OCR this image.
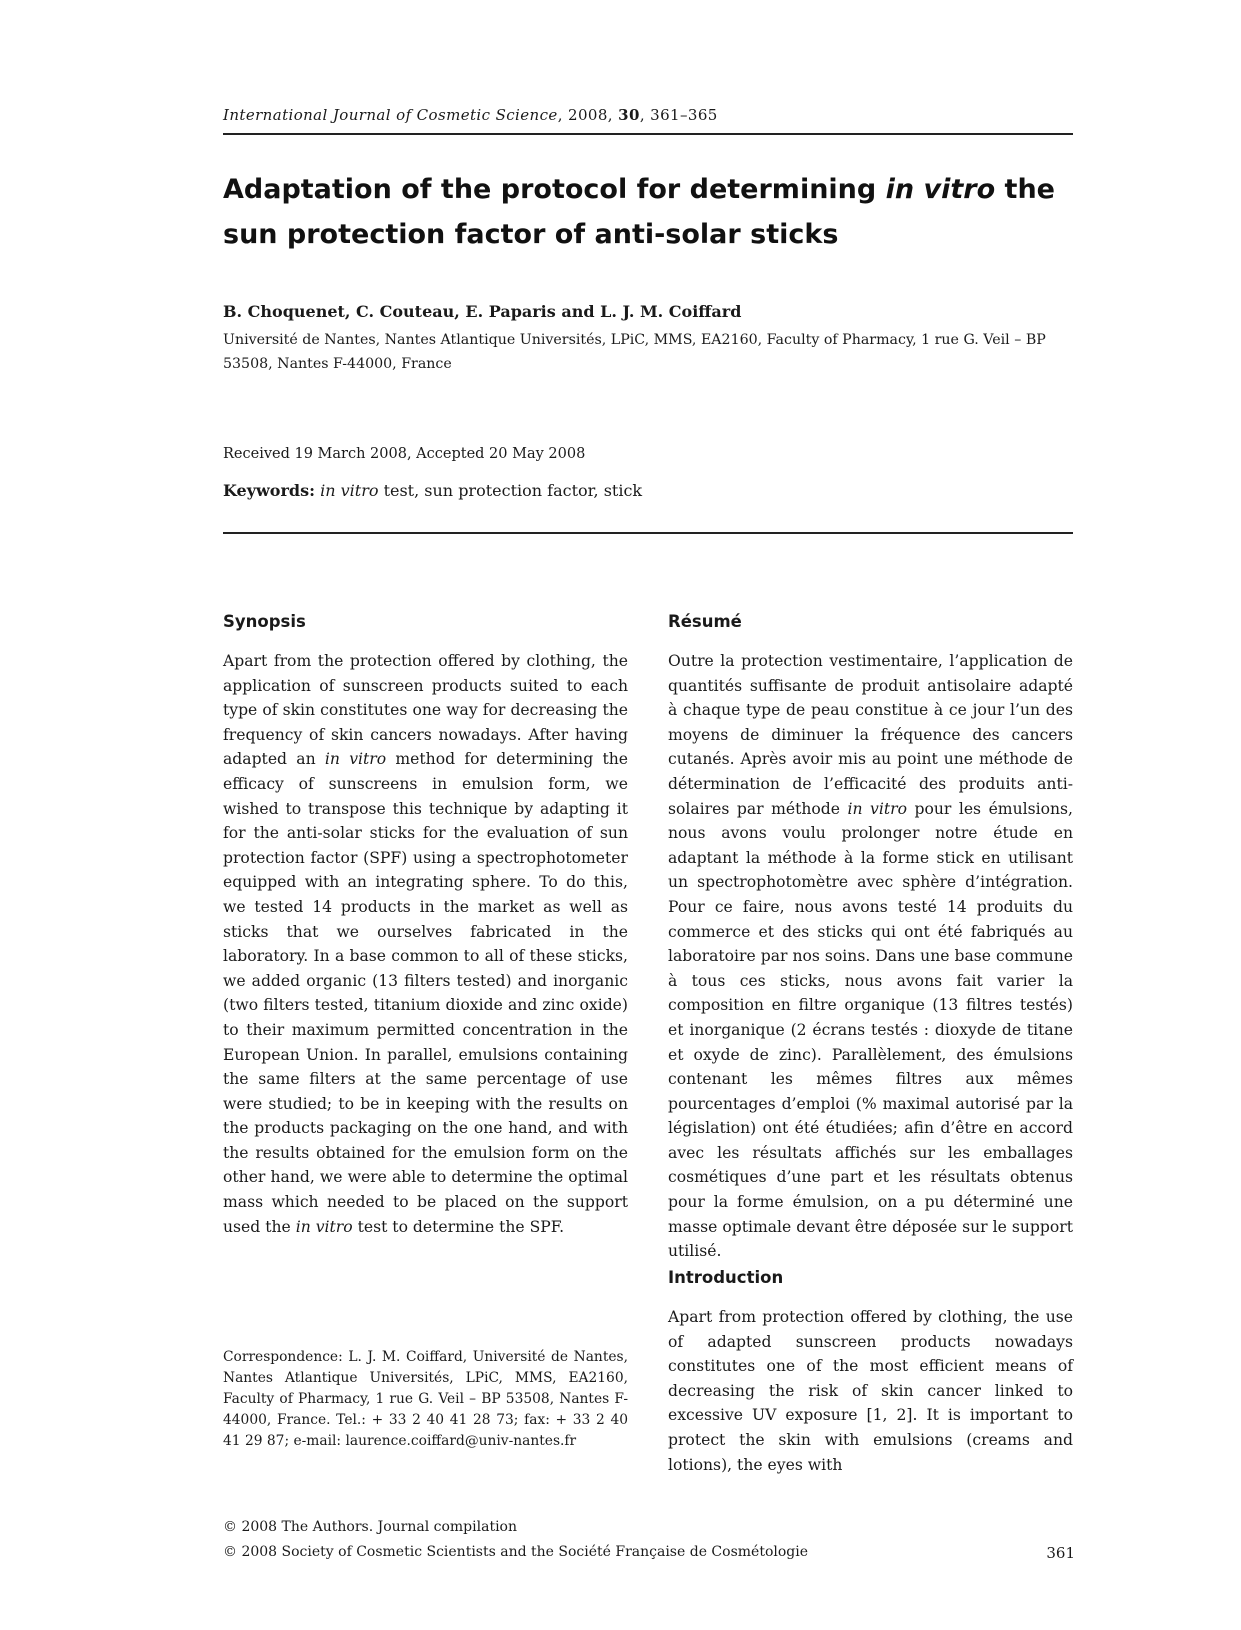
International Journal of Cosmetic Science, 2008, 30, 361–365
Adaptation of the protocol for determining in vitro the sun protection factor of anti-solar sticks
B. Choquenet, C. Couteau, E. Paparis and L. J. M. Coiffard
Université de Nantes, Nantes Atlantique Universités, LPiC, MMS, EA2160, Faculty of Pharmacy, 1 rue G. Veil – BP 53508, Nantes F-44000, France
Received 19 March 2008, Accepted 20 May 2008
Keywords: in vitro test, sun protection factor, stick
Synopsis

Apart from the protection offered by clothing, the application of sunscreen products suited to each type of skin constitutes one way for decreasing the frequency of skin cancers nowadays. After having adapted an in vitro method for determining the efficacy of sunscreens in emulsion form, we wished to transpose this technique by adapting it for the anti-solar sticks for the evaluation of sun protection factor (SPF) using a spectrophotometer equipped with an integrating sphere. To do this, we tested 14 products in the market as well as sticks that we ourselves fabricated in the laboratory. In a base common to all of these sticks, we added organic (13 filters tested) and inorganic (two filters tested, titanium dioxide and zinc oxide) to their maximum permitted concentration in the European Union. In parallel, emulsions containing the same filters at the same percentage of use were studied; to be in keeping with the results on the products packaging on the one hand, and with the results obtained for the emulsion form on the other hand, we were able to determine the optimal mass which needed to be placed on the support used the in vitro test to determine the SPF.

Correspondence: L. J. M. Coiffard, Université de Nantes, Nantes Atlantique Universités, LPiC, MMS, EA2160, Faculty of Pharmacy, 1 rue G. Veil – BP 53508, Nantes F-44000, France. Tel.: + 33 2 40 41 28 73; fax: + 33 2 40 41 29 87; e-mail: laurence.coiffard@univ-nantes.fr
Résumé

Outre la protection vestimentaire, l’application de quantités suffisante de produit antisolaire adapté à chaque type de peau constitue à ce jour l’un des moyens de diminuer la fréquence des cancers cutanés. Après avoir mis au point une méthode de détermination de l’efficacité des produits anti-solaires par méthode in vitro pour les émulsions, nous avons voulu prolonger notre étude en adaptant la méthode à la forme stick en utilisant un spectrophotomètre avec sphère d’intégration. Pour ce faire, nous avons testé 14 produits du commerce et des sticks qui ont été fabriqués au laboratoire par nos soins. Dans une base commune à tous ces sticks, nous avons fait varier la composition en filtre organique (13 filtres testés) et inorganique (2 écrans testés : dioxyde de titane et oxyde de zinc). Parallèlement, des émulsions contenant les mêmes filtres aux mêmes pourcentages d’emploi (% maximal autorisé par la législation) ont été étudiées; afin d’être en accord avec les résultats affichés sur les emballages cosmétiques d’une part et les résultats obtenus pour la forme émulsion, on a pu déterminé une masse optimale devant être déposée sur le support utilisé.

Introduction

Apart from protection offered by clothing, the use of adapted sunscreen products nowadays constitutes one of the most efficient means of decreasing the risk of skin cancer linked to excessive UV exposure [1, 2]. It is important to protect the skin with emulsions (creams and lotions), the eyes with

© 2008 The Authors. Journal compilation
© 2008 Society of Cosmetic Scientists and the Société Française de Cosmétologie	361
